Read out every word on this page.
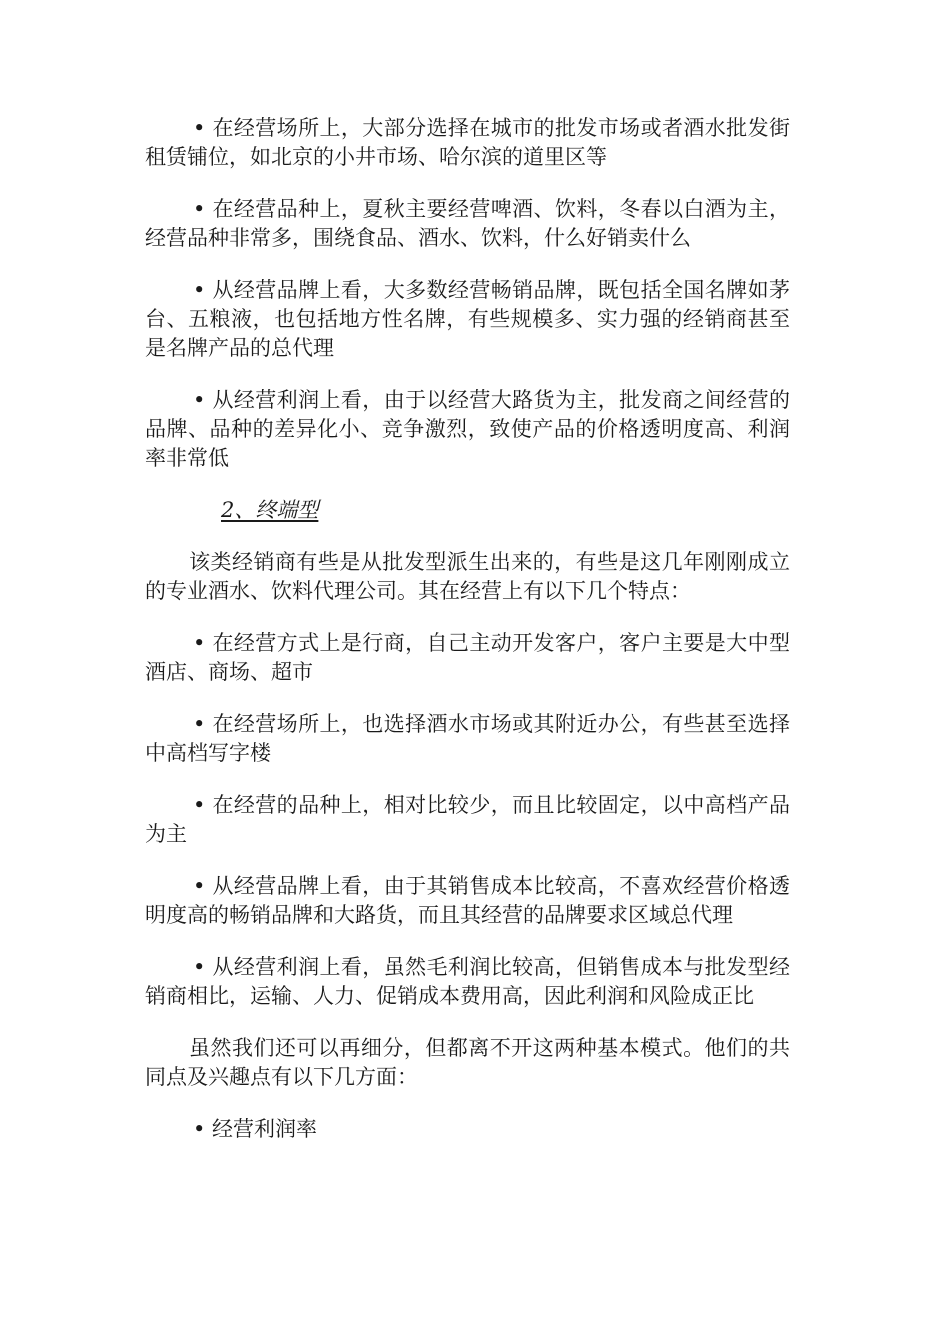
• 在经营场所上，大部分选择在城市的批发市场或者酒水批发街租赁铺位，如北京的小井市场、哈尔滨的道里区等

• 在经营品种上，夏秋主要经营啤酒、饮料，冬春以白酒为主，经营品种非常多，围绕食品、酒水、饮料，什么好销卖什么

• 从经营品牌上看，大多数经营畅销品牌，既包括全国名牌如茅台、五粮液，也包括地方性名牌，有些规模多、实力强的经销商甚至是名牌产品的总代理

• 从经营利润上看，由于以经营大路货为主，批发商之间经营的品牌、品种的差异化小、竞争激烈，致使产品的价格透明度高、利润率非常低

2、终端型

该类经销商有些是从批发型派生出来的，有些是这几年刚刚成立的专业酒水、饮料代理公司。其在经营上有以下几个特点：

• 在经营方式上是行商，自己主动开发客户，客户主要是大中型酒店、商场、超市

• 在经营场所上，也选择酒水市场或其附近办公，有些甚至选择中高档写字楼

• 在经营的品种上，相对比较少，而且比较固定，以中高档产品为主

• 从经营品牌上看，由于其销售成本比较高，不喜欢经营价格透明度高的畅销品牌和大路货，而且其经营的品牌要求区域总代理

• 从经营利润上看，虽然毛利润比较高，但销售成本与批发型经销商相比，运输、人力、促销成本费用高，因此利润和风险成正比

虽然我们还可以再细分，但都离不开这两种基本模式。他们的共同点及兴趣点有以下几方面：

• 经营利润率
